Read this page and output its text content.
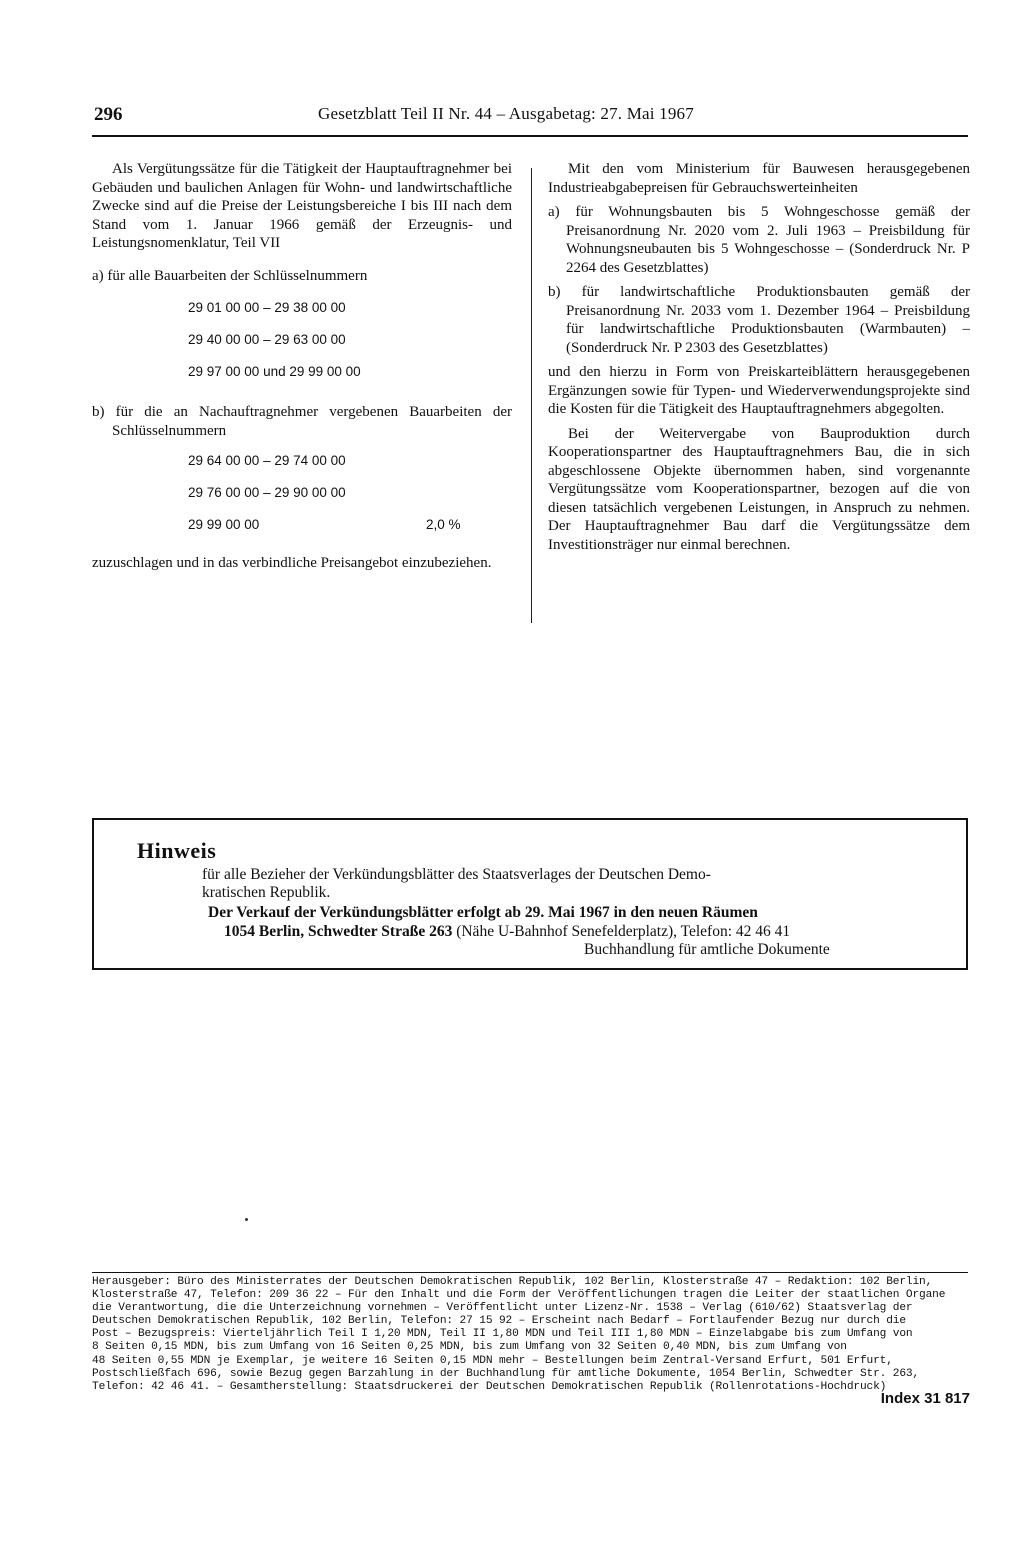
296	Gesetzblatt Teil II Nr. 44 – Ausgabetag: 27. Mai 1967

Als Vergütungssätze für die Tätigkeit der Hauptauftragnehmer bei Gebäuden und baulichen Anlagen für Wohn- und landwirtschaftliche Zwecke sind auf die Preise der Leistungsbereiche I bis III nach dem Stand vom 1. Januar 1966 gemäß der Erzeugnis- und Leistungsnomenklatur, Teil VII

a) für alle Bauarbeiten der Schlüsselnummern

29 01 00 00 – 29 38 00 00
29 40 00 00 – 29 63 00 00
29 97 00 00 und 29 99 00 00

b) für die an Nachauftragnehmer vergebenen Bauarbeiten der Schlüsselnummern

29 64 00 00 – 29 74 00 00
29 76 00 00 – 29 90 00 00
29 99 00 00	2,0 %

zuzuschlagen und in das verbindliche Preisangebot einzubeziehen.

Mit den vom Ministerium für Bauwesen herausgegebenen Industrieabgabepreisen für Gebrauchswerteinheiten

a) für Wohnungsbauten bis 5 Wohngeschosse gemäß der Preisanordnung Nr. 2020 vom 2. Juli 1963 – Preisbildung für Wohnungsneubauten bis 5 Wohngeschosse – (Sonderdruck Nr. P 2264 des Gesetzblattes)

b) für landwirtschaftliche Produktionsbauten gemäß der Preisanordnung Nr. 2033 vom 1. Dezember 1964 – Preisbildung für landwirtschaftliche Produktionsbauten (Warmbauten) – (Sonderdruck Nr. P 2303 des Gesetzblattes)

und den hierzu in Form von Preiskarteiblättern herausgegebenen Ergänzungen sowie für Typen- und Wiederverwendungsprojekte sind die Kosten für die Tätigkeit des Hauptauftragnehmers abgegolten.

Bei der Weitervergabe von Bauproduktion durch Kooperationspartner des Hauptauftragnehmers Bau, die in sich abgeschlossene Objekte übernommen haben, sind vorgenannte Vergütungssätze vom Kooperationspartner, bezogen auf die von diesen tatsächlich vergebenen Leistungen, in Anspruch zu nehmen. Der Hauptauftragnehmer Bau darf die Vergütungssätze dem Investitionsträger nur einmal berechnen.

Hinweis
für alle Bezieher der Verkündungsblätter des Staatsverlages der Deutschen Demo-
kratischen Republik.
Der Verkauf der Verkündungsblätter erfolgt ab 29. Mai 1967 in den neuen Räumen
1054 Berlin, Schwedter Straße 263 (Nähe U-Bahnhof Senefelderplatz), Telefon: 42 46 41
Buchhandlung für amtliche Dokumente
Herausgeber: Büro des Ministerrates der Deutschen Demokratischen Republik, 102 Berlin, Klosterstraße 47 – Redaktion: 102 Berlin,
Klosterstraße 47, Telefon: 209 36 22 – Für den Inhalt und die Form der Veröffentlichungen tragen die Leiter der staatlichen Organe
die Verantwortung, die die Unterzeichnung vornehmen – Veröffentlicht unter Lizenz-Nr. 1538 – Verlag (610/62) Staatsverlag der
Deutschen Demokratischen Republik, 102 Berlin, Telefon: 27 15 92 – Erscheint nach Bedarf – Fortlaufender Bezug nur durch die
Post – Bezugspreis: Vierteljährlich Teil I 1,20 MDN, Teil II 1,80 MDN und Teil III 1,80 MDN – Einzelabgabe bis zum Umfang von
8 Seiten 0,15 MDN, bis zum Umfang von 16 Seiten 0,25 MDN, bis zum Umfang von 32 Seiten 0,40 MDN, bis zum Umfang von
48 Seiten 0,55 MDN je Exemplar, je weitere 16 Seiten 0,15 MDN mehr – Bestellungen beim Zentral-Versand Erfurt, 501 Erfurt,
Postschließfach 696, sowie Bezug gegen Barzahlung in der Buchhandlung für amtliche Dokumente, 1054 Berlin, Schwedter Str. 263,
Telefon: 42 46 41. – Gesamtherstellung: Staatsdruckerei der Deutschen Demokratischen Republik (Rollenrotations-Hochdruck)
Index 31 817
